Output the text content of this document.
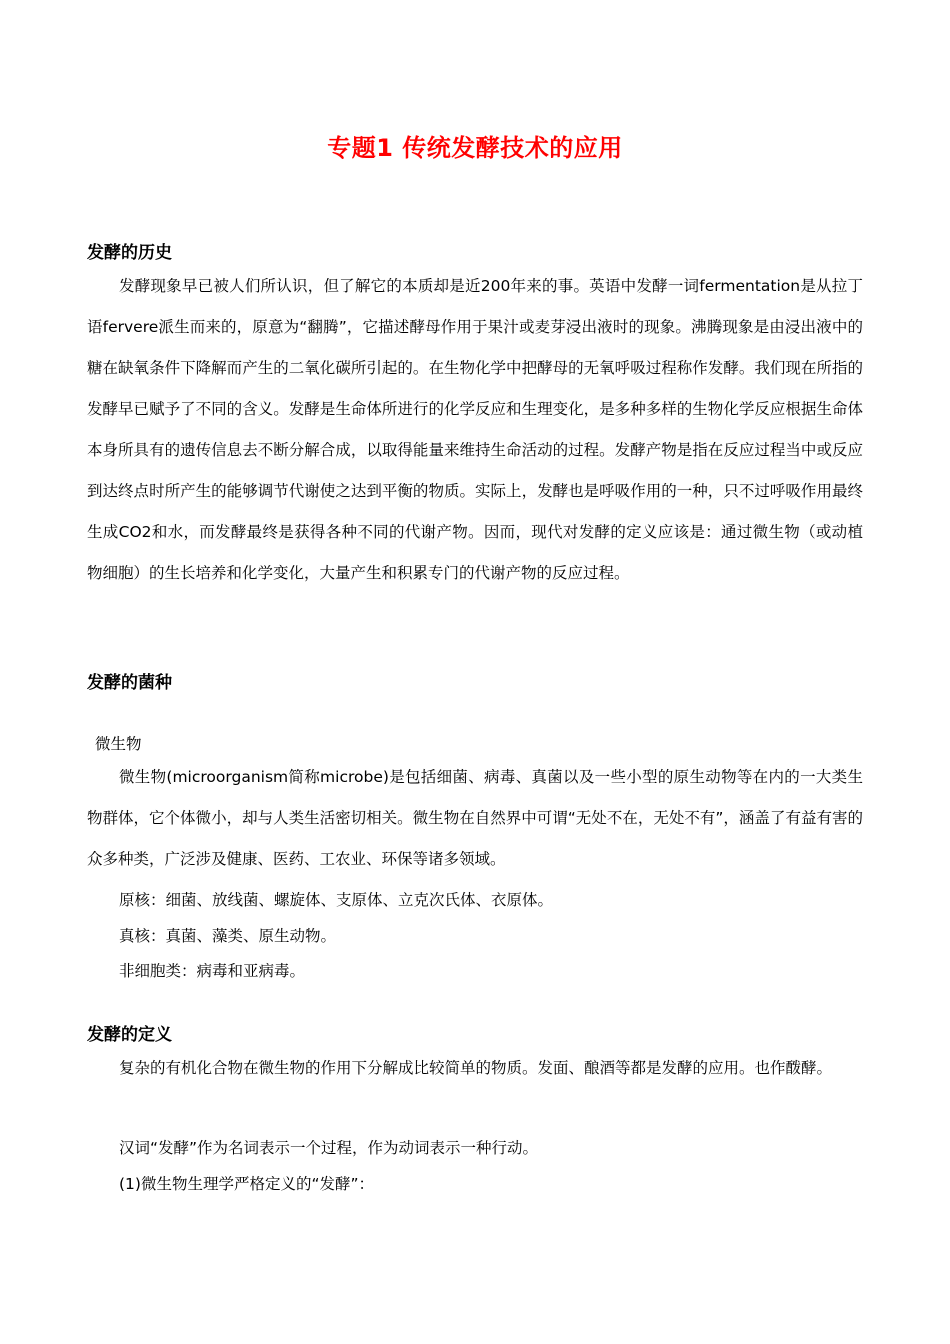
专题1 传统发酵技术的应用
发酵的历史
发酵现象早已被人们所认识，但了解它的本质却是近200年来的事。英语中发酵一词fermentation是从拉丁语fervere派生而来的，原意为“翻腾”，它描述酵母作用于果汁或麦芽浸出液时的现象。沸腾现象是由浸出液中的糖在缺氧条件下降解而产生的二氧化碳所引起的。在生物化学中把酵母的无氧呼吸过程称作发酵。我们现在所指的发酵早已赋予了不同的含义。发酵是生命体所进行的化学反应和生理变化，是多种多样的生物化学反应根据生命体本身所具有的遗传信息去不断分解合成，以取得能量来维持生命活动的过程。发酵产物是指在反应过程当中或反应到达终点时所产生的能够调节代谢使之达到平衡的物质。实际上，发酵也是呼吸作用的一种，只不过呼吸作用最终生成CO2和水，而发酵最终是获得各种不同的代谢产物。因而，现代对发酵的定义应该是：通过微生物（或动植物细胞）的生长培养和化学变化，大量产生和积累专门的代谢产物的反应过程。
发酵的菌种
微生物
微生物(microorganism简称microbe)是包括细菌、病毒、真菌以及一些小型的原生动物等在内的一大类生物群体，它个体微小，却与人类生活密切相关。微生物在自然界中可谓“无处不在，无处不有”，涵盖了有益有害的众多种类，广泛涉及健康、医药、工农业、环保等诸多领域。
原核：细菌、放线菌、螺旋体、支原体、立克次氏体、衣原体。
真核：真菌、藻类、原生动物。
非细胞类：病毒和亚病毒。
发酵的定义
复杂的有机化合物在微生物的作用下分解成比较简单的物质。发面、酿酒等都是发酵的应用。也作酦酵。
汉词“发酵”作为名词表示一个过程，作为动词表示一种行动。
(1)微生物生理学严格定义的“发酵”：
